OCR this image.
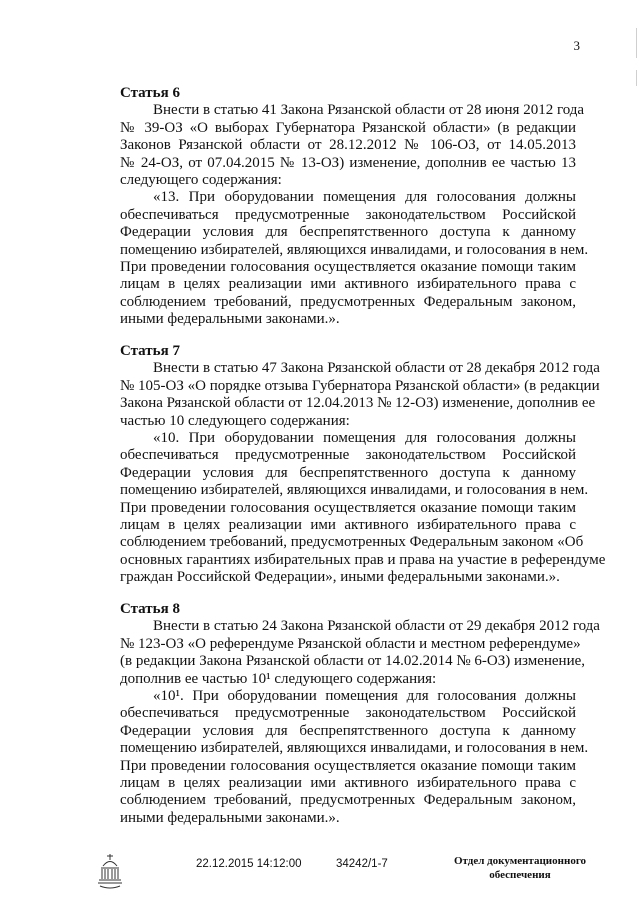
3
Статья 6
Внести в статью 41 Закона Рязанской области от 28 июня 2012 года
№ 39-ОЗ «О выборах Губернатора Рязанской области» (в редакции
Законов Рязанской области от 28.12.2012 № 106-ОЗ, от 14.05.2013
№ 24-ОЗ, от 07.04.2015 № 13-ОЗ) изменение, дополнив ее частью 13
следующего содержания:
«13. При оборудовании помещения для голосования должны
обеспечиваться предусмотренные законодательством Российской
Федерации условия для беспрепятственного доступа к данному
помещению избирателей, являющихся инвалидами, и голосования в нем.
При проведении голосования осуществляется оказание помощи таким
лицам в целях реализации ими активного избирательного права с
соблюдением требований, предусмотренных Федеральным законом,
иными федеральными законами.».
Статья 7
Внести в статью 47 Закона Рязанской области от 28 декабря 2012 года
№ 105-ОЗ «О порядке отзыва Губернатора Рязанской области» (в редакции
Закона Рязанской области от 12.04.2013 № 12-ОЗ) изменение, дополнив ее
частью 10 следующего содержания:
«10. При оборудовании помещения для голосования должны
обеспечиваться предусмотренные законодательством Российской
Федерации условия для беспрепятственного доступа к данному
помещению избирателей, являющихся инвалидами, и голосования в нем.
При проведении голосования осуществляется оказание помощи таким
лицам в целях реализации ими активного избирательного права с
соблюдением требований, предусмотренных Федеральным законом «Об
основных гарантиях избирательных прав и права на участие в референдуме
граждан Российской Федерации», иными федеральными законами.».
Статья 8
Внести в статью 24 Закона Рязанской области от 29 декабря 2012 года
№ 123-ОЗ «О референдуме Рязанской области и местном референдуме»
(в редакции Закона Рязанской области от 14.02.2014 № 6-ОЗ) изменение,
дополнив ее частью 10¹ следующего содержания:
«10¹. При оборудовании помещения для голосования должны
обеспечиваться предусмотренные законодательством Российской
Федерации условия для беспрепятственного доступа к данному
помещению избирателей, являющихся инвалидами, и голосования в нем.
При проведении голосования осуществляется оказание помощи таким
лицам в целях реализации ими активного избирательного права с
соблюдением требований, предусмотренных Федеральным законом,
иными федеральными законами.».
22.12.2015 14:12:00	34242/1-7	Отдел документационного
обеспечения
